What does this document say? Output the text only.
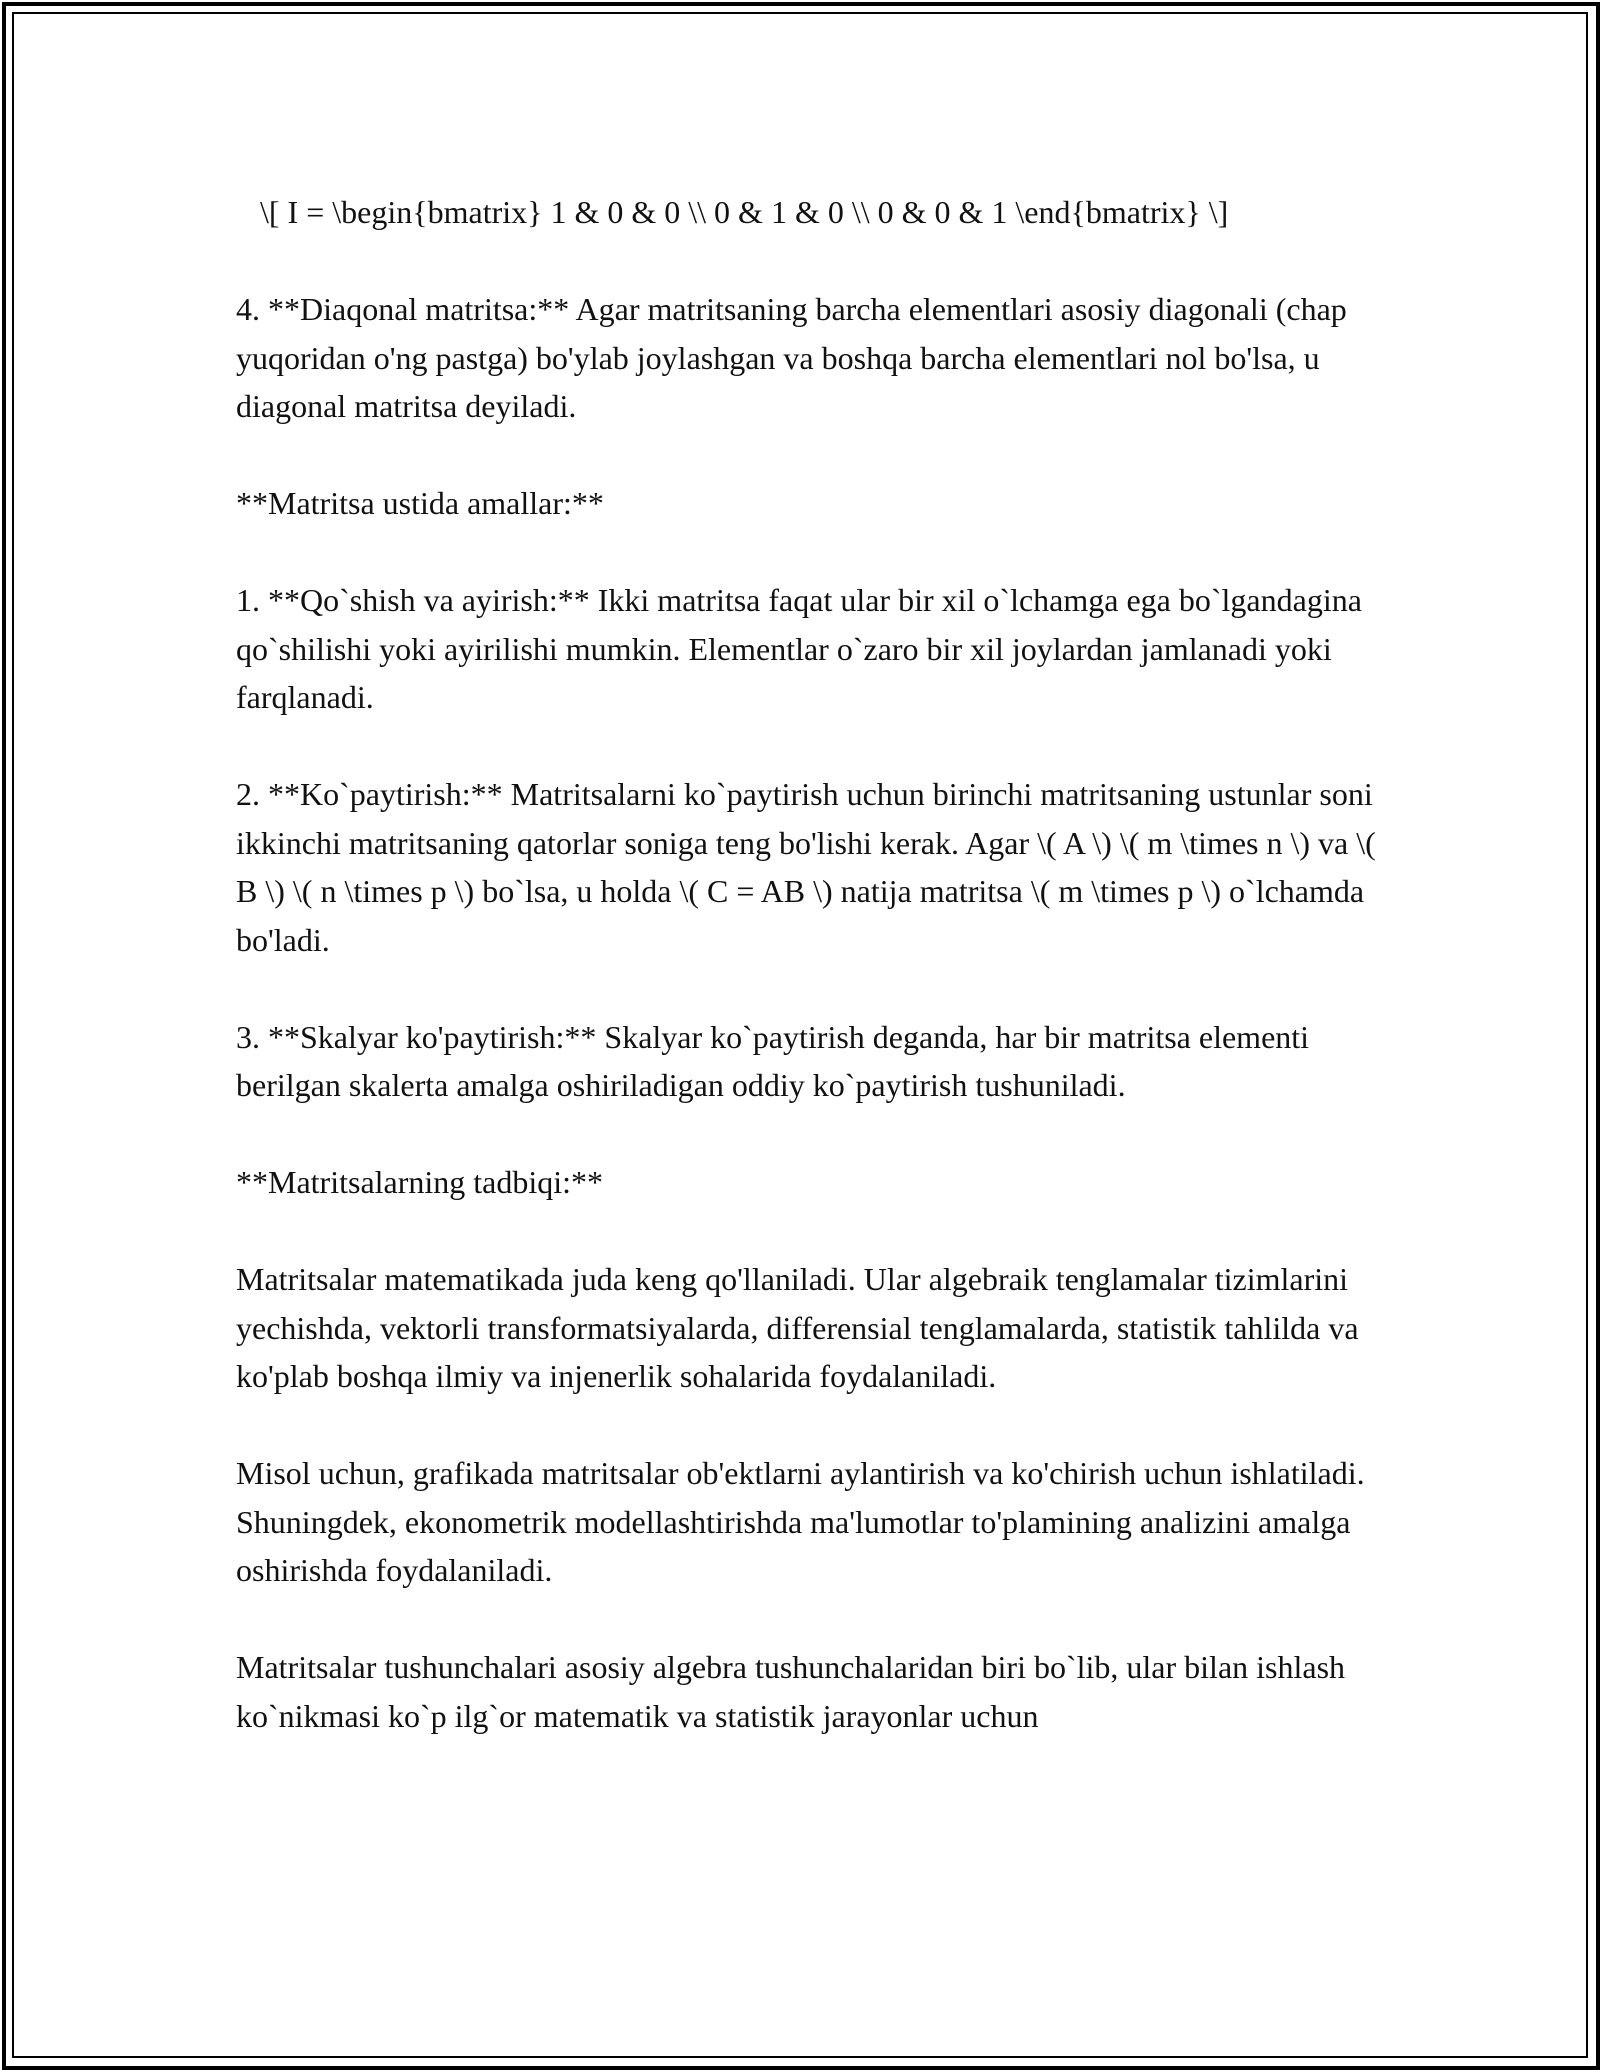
\[ I = \begin{bmatrix} 1 & 0 & 0 \\ 0 & 1 & 0 \\ 0 & 0 & 1 \end{bmatrix} \]

4. **Diaqonal matritsa:** Agar matritsaning barcha elementlari asosiy diagonali (chap yuqoridan o'ng pastga) bo'ylab joylashgan va boshqa barcha elementlari nol bo'lsa, u diagonal matritsa deyiladi.

**Matritsa ustida amallar:**

1. **Qo`shish va ayirish:** Ikki matritsa faqat ular bir xil o`lchamga ega bo`lgandagina qo`shilishi yoki ayirilishi mumkin. Elementlar o`zaro bir xil joylardan jamlanadi yoki farqlanadi.

2. **Ko`paytirish:** Matritsalarni ko`paytirish uchun birinchi matritsaning ustunlar soni ikkinchi matritsaning qatorlar soniga teng bo'lishi kerak. Agar \( A \) \( m \times n \) va \( B \) \( n \times p \) bo`lsa, u holda \( C = AB \) natija matritsa \( m \times p \) o`lchamda bo'ladi.

3. **Skalyar ko'paytirish:** Skalyar ko`paytirish deganda, har bir matritsa elementi berilgan skalerta amalga oshiriladigan oddiy ko`paytirish tushuniladi.

**Matritsalarning tadbiqi:**

Matritsalar matematikada juda keng qo'llaniladi. Ular algebraik tenglamalar tizimlarini yechishda, vektorli transformatsiyalarda, differensial tenglamalarda, statistik tahlilda va ko'plab boshqa ilmiy va injenerlik sohalarida foydalaniladi.

Misol uchun, grafikada matritsalar ob'ektlarni aylantirish va ko'chirish uchun ishlatiladi. Shuningdek, ekonometrik modellashtirishda ma'lumotlar to'plamining analizini amalga oshirishda foydalaniladi.

Matritsalar tushunchalari asosiy algebra tushunchalaridan biri bo`lib, ular bilan ishlash ko`nikmasi ko`p ilg`or matematik va statistik jarayonlar uchun
